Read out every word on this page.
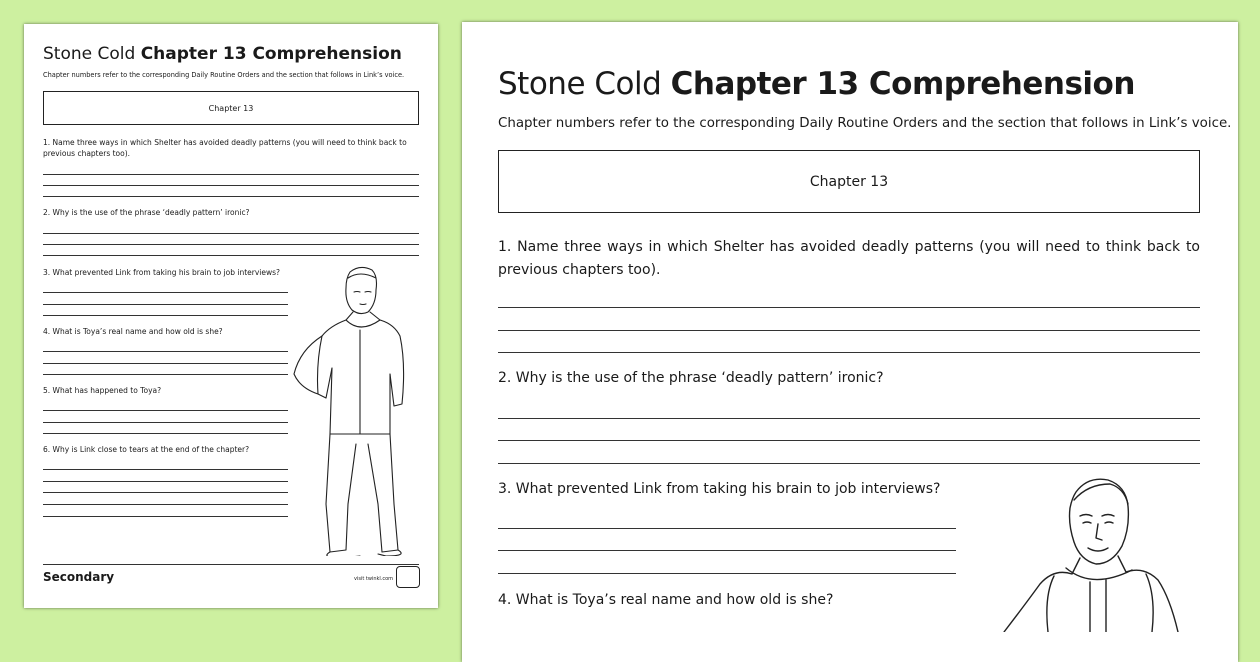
Stone Cold Chapter 13 Comprehension
Chapter numbers refer to the corresponding Daily Routine Orders and the section that follows in Link’s voice.
Chapter 13
1. Name three ways in which Shelter has avoided deadly patterns (you will need to think back to previous chapters too).
2. Why is the use of the phrase ‘deadly pattern’ ironic?
3. What prevented Link from taking his brain to job interviews?
4. What is Toya’s real name and how old is she?
5. What has happened to Toya?
6. Why is Link close to tears at the end of the chapter?
Secondary	visit twinkl.com
Stone Cold Chapter 13 Comprehension
Chapter numbers refer to the corresponding Daily Routine Orders and the section that follows in Link’s voice.
Chapter 13
1. Name three ways in which Shelter has avoided deadly patterns (you will need to think back to previous chapters too).
2. Why is the use of the phrase ‘deadly pattern’ ironic?
3. What prevented Link from taking his brain to job interviews?
4. What is Toya’s real name and how old is she?
